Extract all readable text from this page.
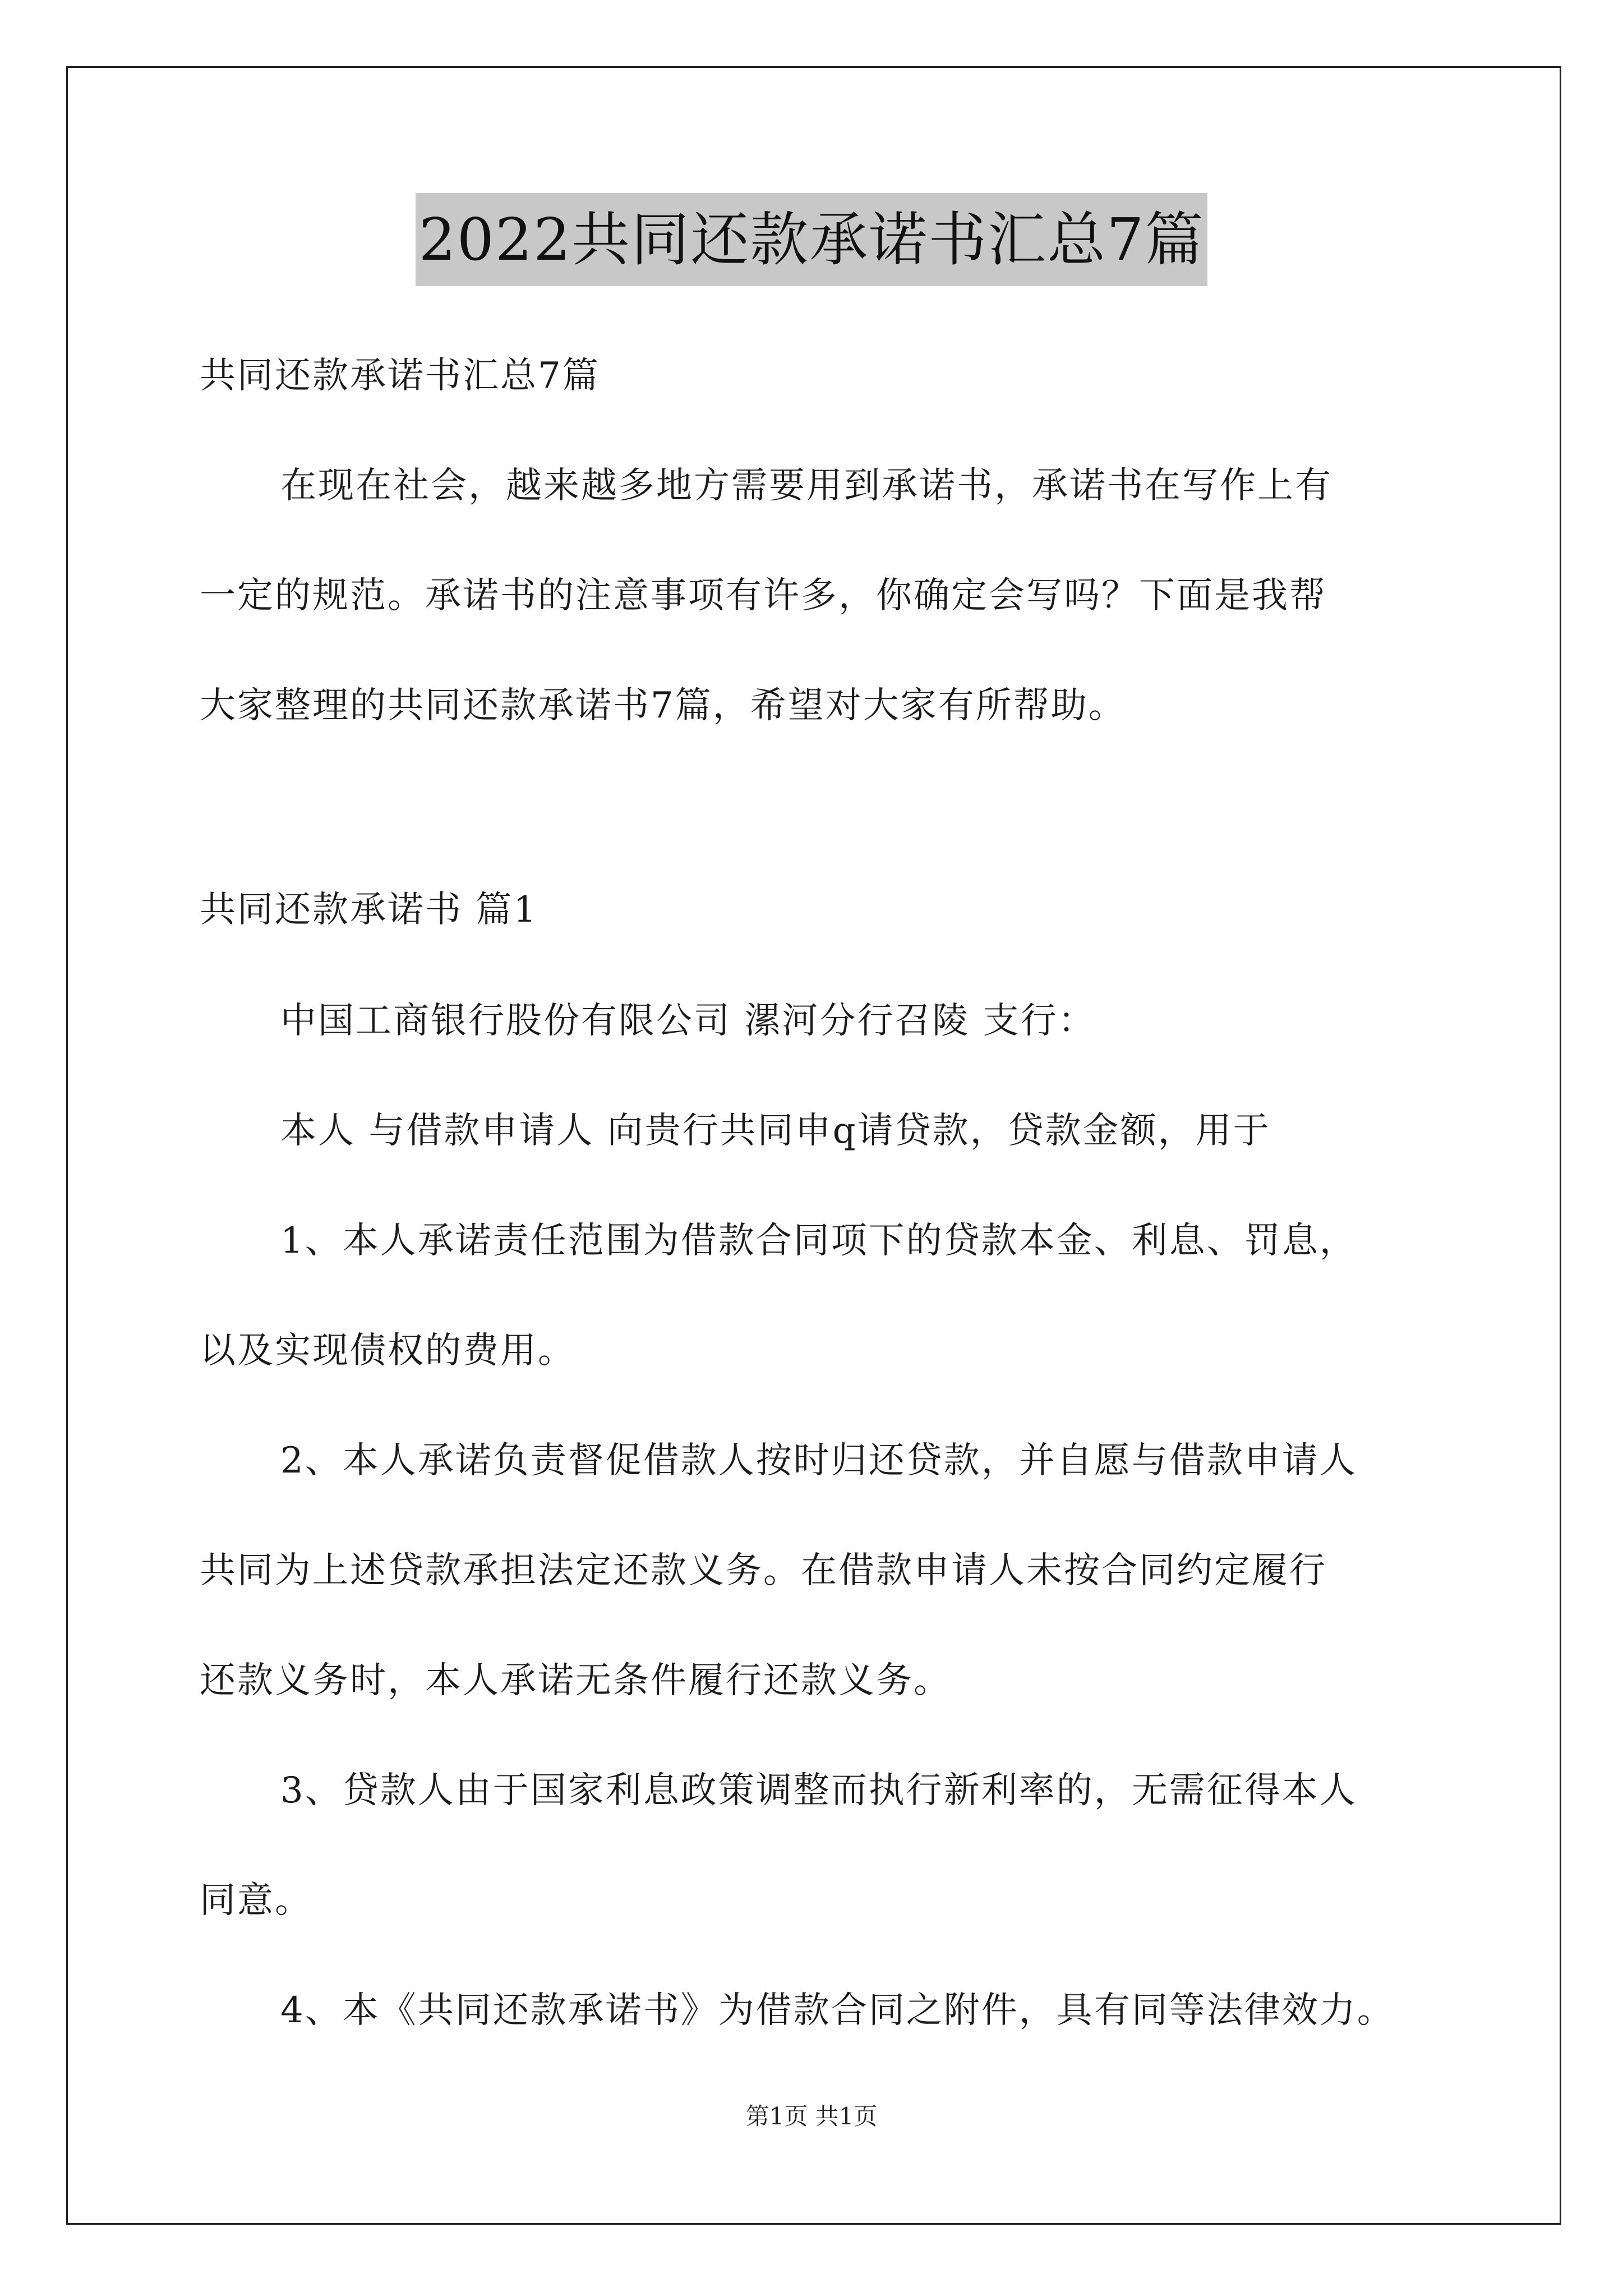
2022共同还款承诺书汇总7篇
共同还款承诺书汇总7篇
在现在社会，越来越多地方需要用到承诺书，承诺书在写作上有
一定的规范。承诺书的注意事项有许多，你确定会写吗？下面是我帮
大家整理的共同还款承诺书7篇，希望对大家有所帮助。
共同还款承诺书 篇1
中国工商银行股份有限公司 漯河分行召陵 支行：
本人 与借款申请人 向贵行共同申q请贷款，贷款金额，用于
1、本人承诺责任范围为借款合同项下的贷款本金、利息、罚息，
以及实现债权的费用。
2、本人承诺负责督促借款人按时归还贷款，并自愿与借款申请人
共同为上述贷款承担法定还款义务。在借款申请人未按合同约定履行
还款义务时，本人承诺无条件履行还款义务。
3、贷款人由于国家利息政策调整而执行新利率的，无需征得本人
同意。
4、本《共同还款承诺书》为借款合同之附件，具有同等法律效力。
第1页 共1页
